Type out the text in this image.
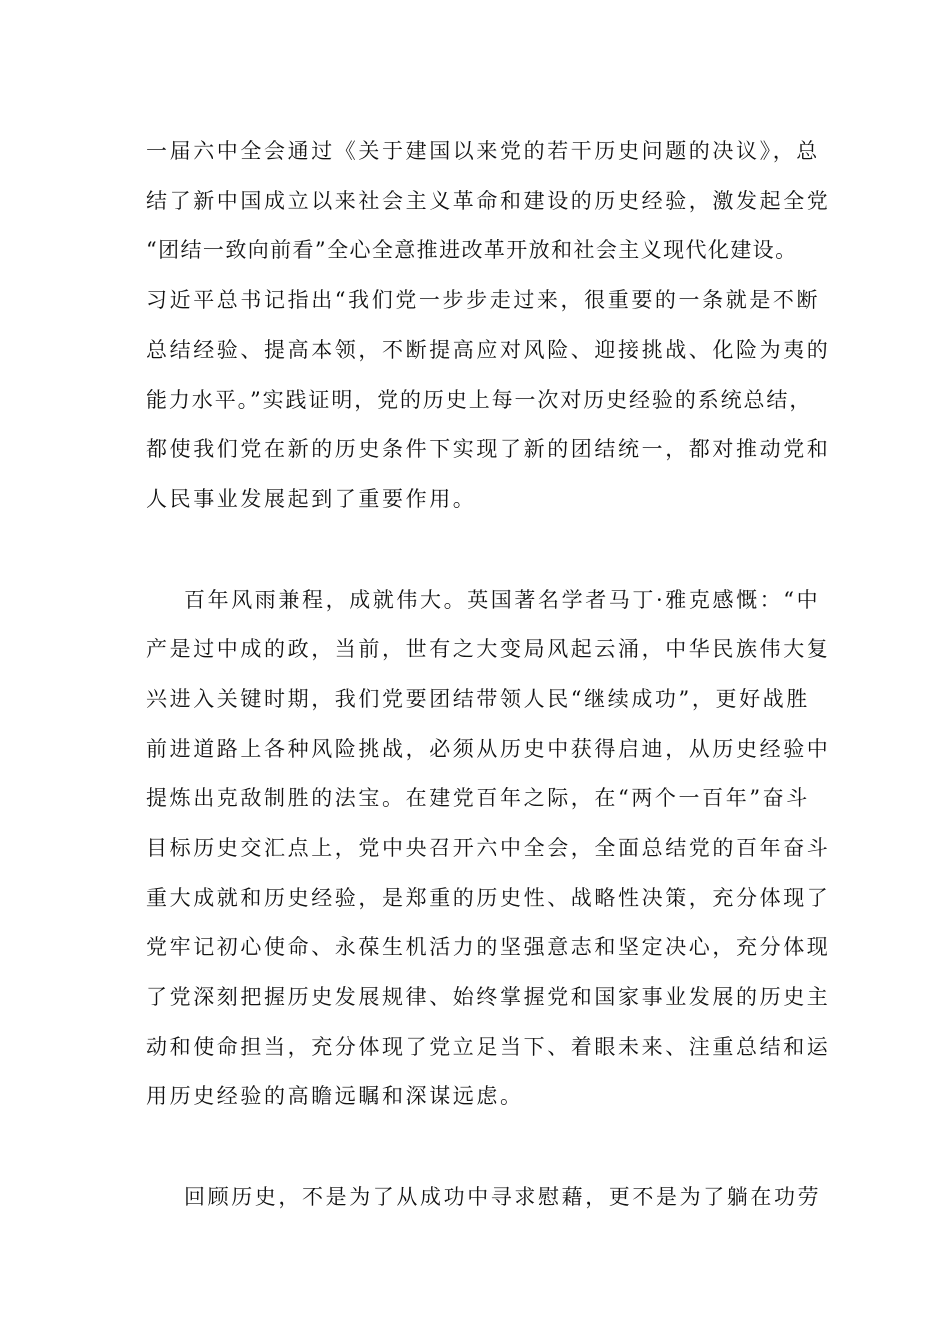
一届六中全会通过《关于建国以来党的若干历史问题的决议》，总
结了新中国成立以来社会主义革命和建设的历史经验，激发起全党
“团结一致向前看”全心全意推进改革开放和社会主义现代化建设。
习近平总书记指出“我们党一步步走过来，很重要的一条就是不断
总结经验、提高本领，不断提高应对风险、迎接挑战、化险为夷的
能力水平。”实践证明，党的历史上每一次对历史经验的系统总结，
都使我们党在新的历史条件下实现了新的团结统一，都对推动党和
人民事业发展起到了重要作用。
百年风雨兼程，成就伟大。英国著名学者马丁·雅克感慨：“中
产是过中成的政，当前，世有之大变局风起云涌，中华民族伟大复
兴进入关键时期，我们党要团结带领人民“继续成功”，更好战胜
前进道路上各种风险挑战，必须从历史中获得启迪，从历史经验中
提炼出克敌制胜的法宝。在建党百年之际，在“两个一百年”奋斗
目标历史交汇点上，党中央召开六中全会，全面总结党的百年奋斗
重大成就和历史经验，是郑重的历史性、战略性决策，充分体现了
党牢记初心使命、永葆生机活力的坚强意志和坚定决心，充分体现
了党深刻把握历史发展规律、始终掌握党和国家事业发展的历史主
动和使命担当，充分体现了党立足当下、着眼未来、注重总结和运
用历史经验的高瞻远瞩和深谋远虑。
回顾历史，不是为了从成功中寻求慰藉，更不是为了躺在功劳
